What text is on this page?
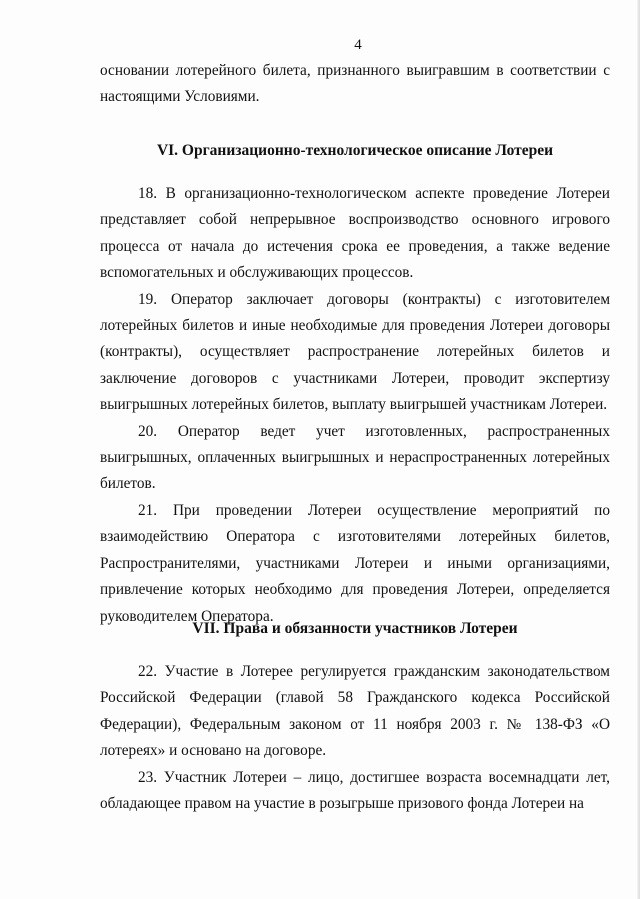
4

основании лотерейного билета, признанного выигравшим в соответствии с настоящими Условиями.

VI. Организационно-технологическое описание Лотереи

18. В организационно-технологическом аспекте проведение Лотереи представляет собой непрерывное воспроизводство основного игрового процесса от начала до истечения срока ее проведения, а также ведение вспомогательных и обслуживающих процессов.

19. Оператор заключает договоры (контракты) с изготовителем лотерейных билетов и иные необходимые для проведения Лотереи договоры (контракты), осуществляет распространение лотерейных билетов и заключение договоров с участниками Лотереи, проводит экспертизу выигрышных лотерейных билетов, выплату выигрышей участникам Лотереи.

20. Оператор ведет учет изготовленных, распространенных выигрышных, оплаченных выигрышных и нераспространенных лотерейных билетов.

21. При проведении Лотереи осуществление мероприятий по взаимодействию Оператора с изготовителями лотерейных билетов, Распространителями, участниками Лотереи и иными организациями, привлечение которых необходимо для проведения Лотереи, определяется руководителем Оператора.

VII. Права и обязанности участников Лотереи

22. Участие в Лотерее регулируется гражданским законодательством Российской Федерации (главой 58 Гражданского кодекса Российской Федерации), Федеральным законом от 11 ноября 2003 г. № 138-ФЗ «О лотереях» и основано на договоре.

23. Участник Лотереи – лицо, достигшее возраста восемнадцати лет, обладающее правом на участие в розыгрыше призового фонда Лотереи на
